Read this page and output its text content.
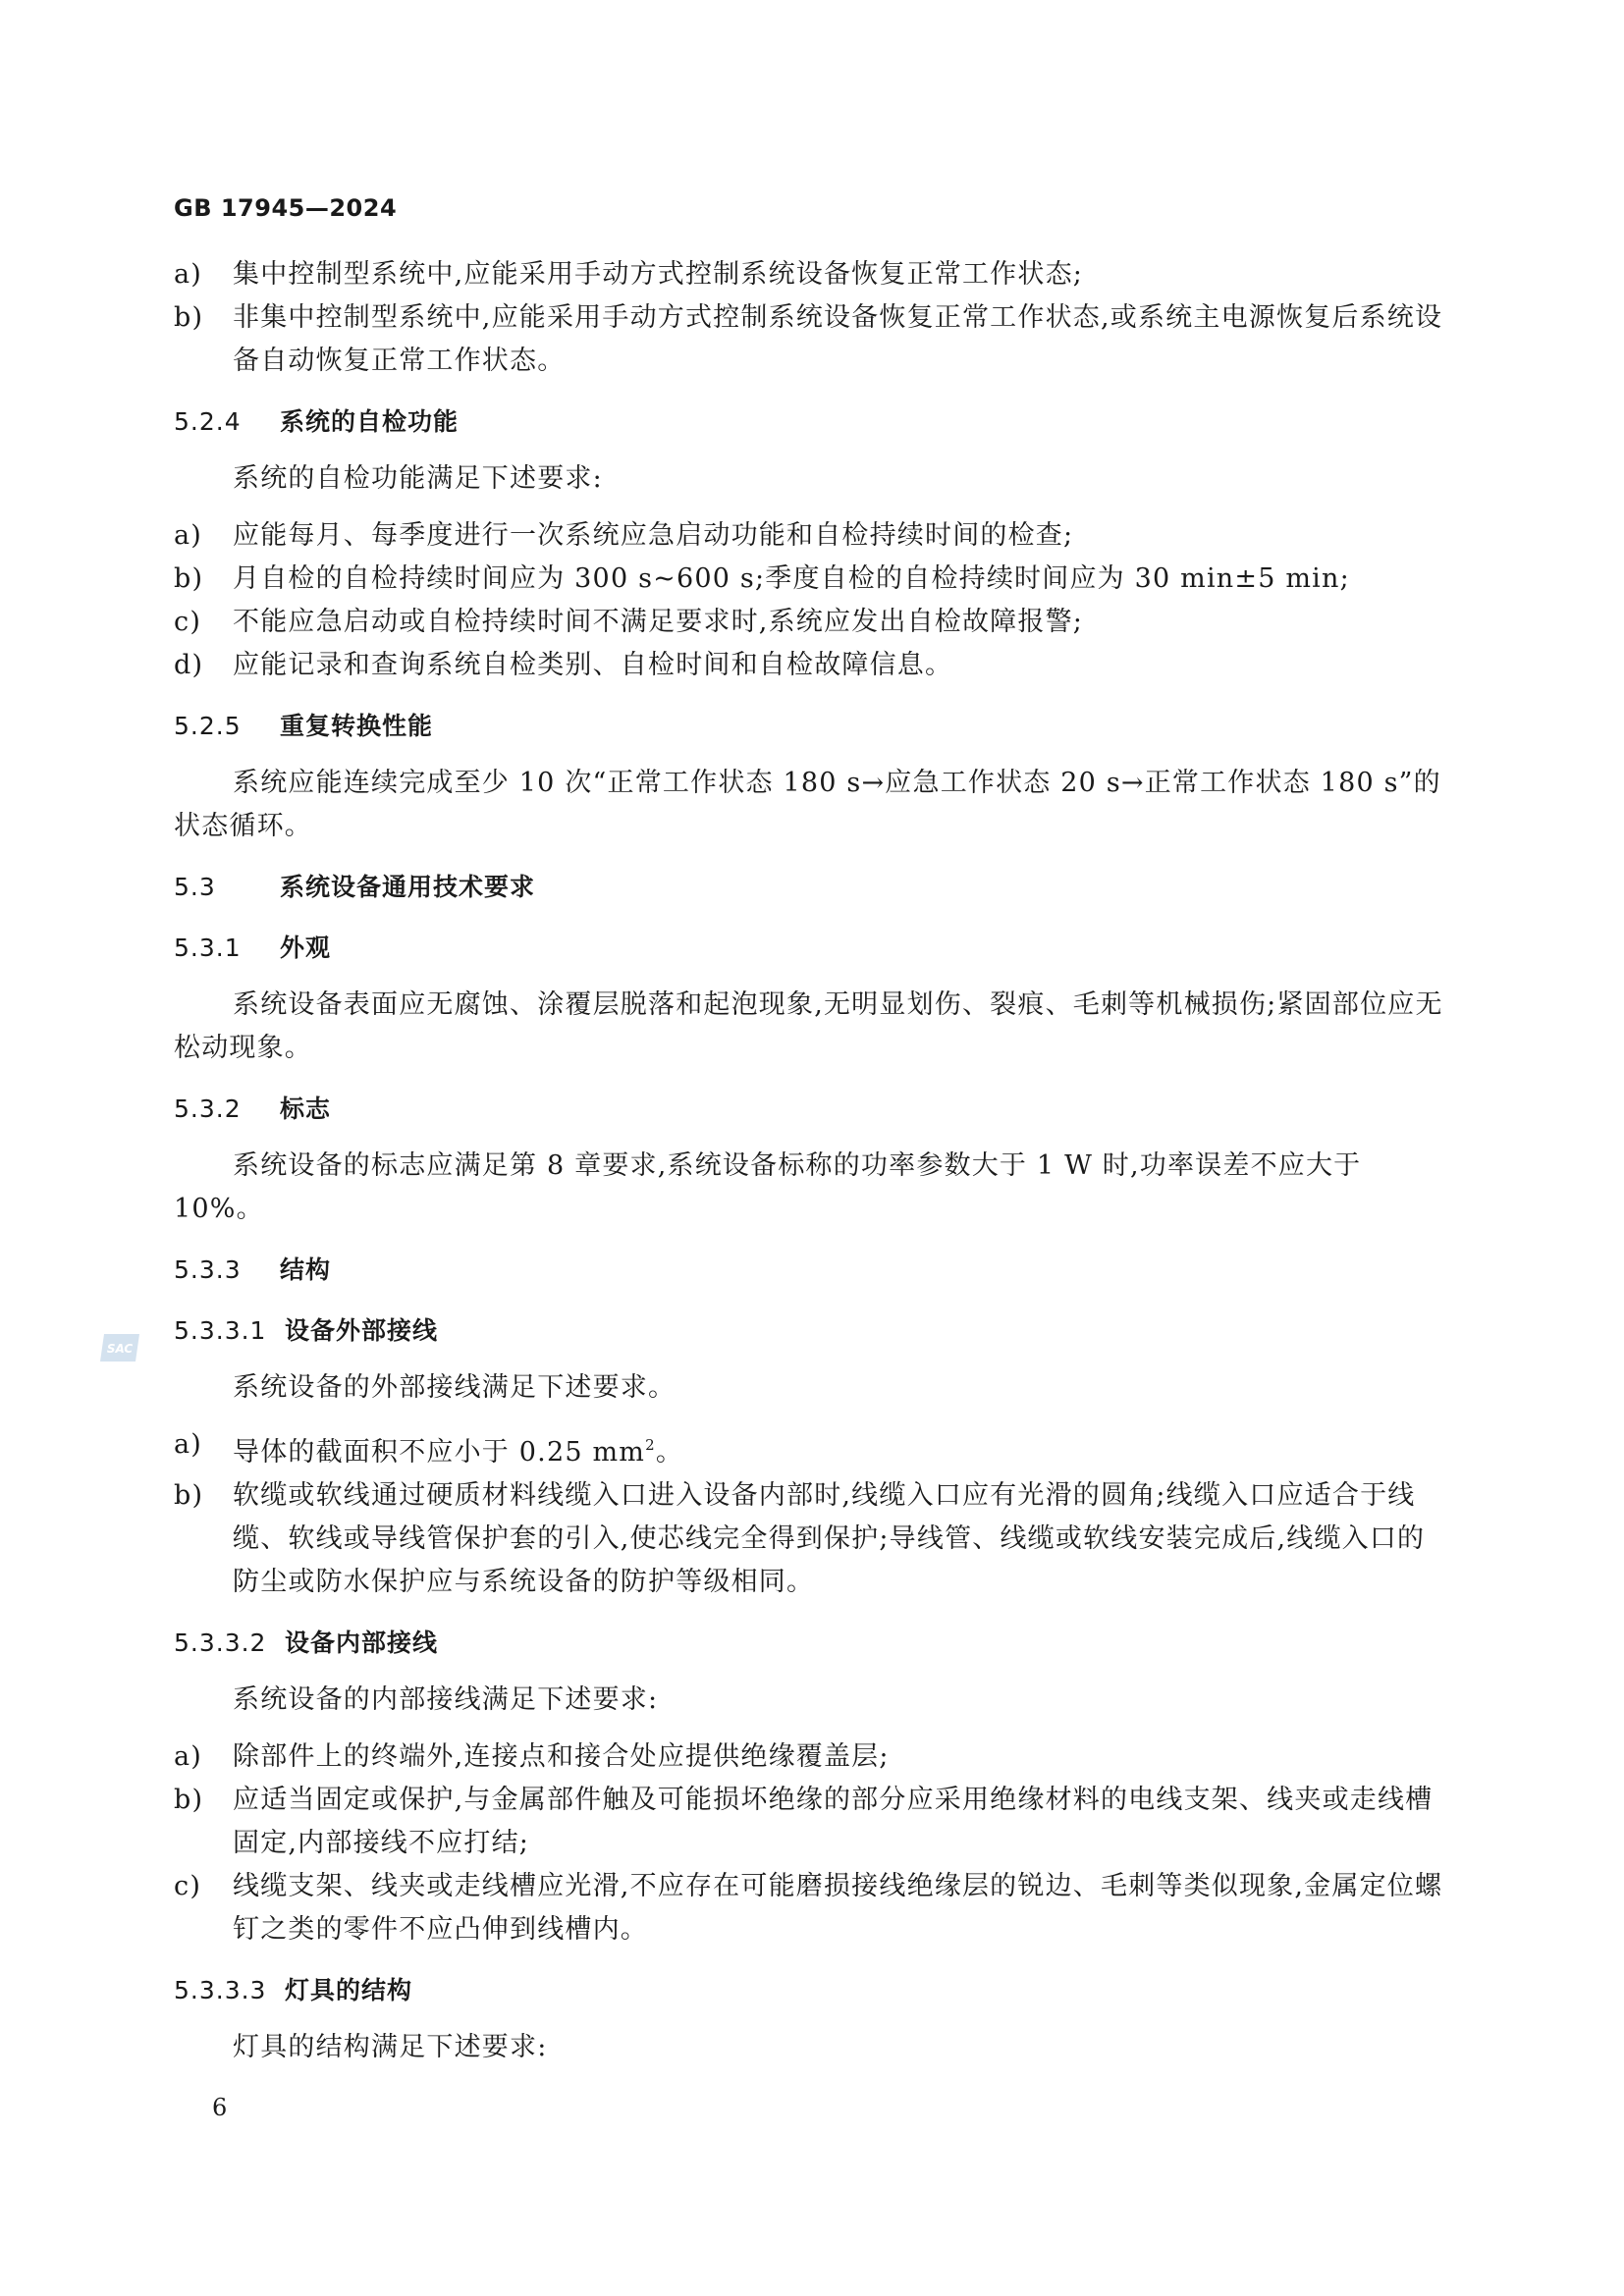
GB 17945—2024
SAC
a)	集中控制型系统中,应能采用手动方式控制系统设备恢复正常工作状态;
b)	非集中控制型系统中,应能采用手动方式控制系统设备恢复正常工作状态,或系统主电源恢复后系统设备自动恢复正常工作状态。
5.2.4	系统的自检功能

系统的自检功能满足下述要求:

a)	应能每月、每季度进行一次系统应急启动功能和自检持续时间的检查;
b)	月自检的自检持续时间应为 300 s~600 s;季度自检的自检持续时间应为 30 min±5 min;
c)	不能应急启动或自检持续时间不满足要求时,系统应发出自检故障报警;
d)	应能记录和查询系统自检类别、自检时间和自检故障信息。
5.2.5	重复转换性能

系统应能连续完成至少 10 次“正常工作状态 180 s→应急工作状态 20 s→正常工作状态 180 s”的状态循环。

5.3	系统设备通用技术要求
5.3.1	外观

系统设备表面应无腐蚀、涂覆层脱落和起泡现象,无明显划伤、裂痕、毛刺等机械损伤;紧固部位应无松动现象。

5.3.2	标志

系统设备的标志应满足第 8 章要求,系统设备标称的功率参数大于 1 W 时,功率误差不应大于 10%。

5.3.3	结构
5.3.3.1 设备外部接线

系统设备的外部接线满足下述要求。

a)	导体的截面积不应小于 0.25 $mm^2$。
b)	软缆或软线通过硬质材料线缆入口进入设备内部时,线缆入口应有光滑的圆角;线缆入口应适合于线缆、软线或导线管保护套的引入,使芯线完全得到保护;导线管、线缆或软线安装完成后,线缆入口的防尘或防水保护应与系统设备的防护等级相同。
5.3.3.2 设备内部接线

系统设备的内部接线满足下述要求:

a)	除部件上的终端外,连接点和接合处应提供绝缘覆盖层;
b)	应适当固定或保护,与金属部件触及可能损坏绝缘的部分应采用绝缘材料的电线支架、线夹或走线槽固定,内部接线不应打结;
c)	线缆支架、线夹或走线槽应光滑,不应存在可能磨损接线绝缘层的锐边、毛刺等类似现象,金属定位螺钉之类的零件不应凸伸到线槽内。
5.3.3.3 灯具的结构

灯具的结构满足下述要求:

6
